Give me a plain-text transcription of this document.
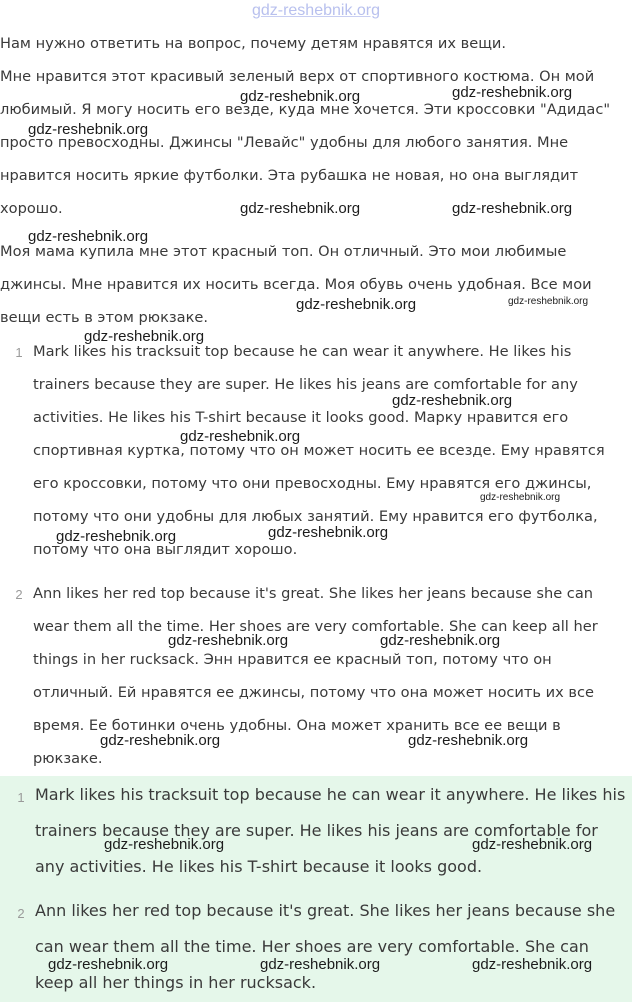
gdz-reshebnik.org

Нам нужно ответить на вопрос, почему детям нравятся их вещи.

Мне нравится этот красивый зеленый верх от спортивного костюма. Он мой любимый. Я могу носить его везде, куда мне хочется. Эти кроссовки "Адидас" просто превосходны. Джинсы "Левайс" удобны для любого занятия. Мне нравится носить яркие футболки. Эта рубашка не новая, но она выглядит хорошо.

Моя мама купила мне этот красный топ. Он отличный. Это мои любимые джинсы. Мне нравится их носить всегда. Моя обувь очень удобная. Все мои вещи есть в этом рюкзаке.

1 Mark likes his tracksuit top because he can wear it anywhere. He likes his trainers because they are super. He likes his jeans are comfortable for any activities. He likes his T-shirt because it looks good. Марку нравится его спортивная куртка, потому что он может носить ее всезде. Ему нравятся его кроссовки, потому что они превосходны. Ему нравятся его джинсы, потому что они удобны для любых занятий. Ему нравится его футболка, потому что она выглядит хорошо.

2 Ann likes her red top because it's great. She likes her jeans because she can wear them all the time. Her shoes are very comfortable. She can keep all her things in her rucksack. Энн нравится ее красный топ, потому что он отличный. Ей нравятся ее джинсы, потому что она может носить их все время. Ее ботинки очень удобны. Она может хранить все ее вещи в рюкзаке.

1 Mark likes his tracksuit top because he can wear it anywhere. He likes his trainers because they are super. He likes his jeans are comfortable for any activities. He likes his T-shirt because it looks good.

2 Ann likes her red top because it's great. She likes her jeans because she can wear them all the time. Her shoes are very comfortable. She can keep all her things in her rucksack.

gdz-reshebnik.org	gdz-reshebnik.org
gdz-reshebnik.org
gdz-reshebnik.org	gdz-reshebnik.org
gdz-reshebnik.org
gdz-reshebnik.org	gdz-reshebnik.org
gdz-reshebnik.org
gdz-reshebnik.org
gdz-reshebnik.org
gdz-reshebnik.org
gdz-reshebnik.org
gdz-reshebnik.org
gdz-reshebnik.org	gdz-reshebnik.org
gdz-reshebnik.org	gdz-reshebnik.org
gdz-reshebnik.org	gdz-reshebnik.org
gdz-reshebnik.org	gdz-reshebnik.org	gdz-reshebnik.org
